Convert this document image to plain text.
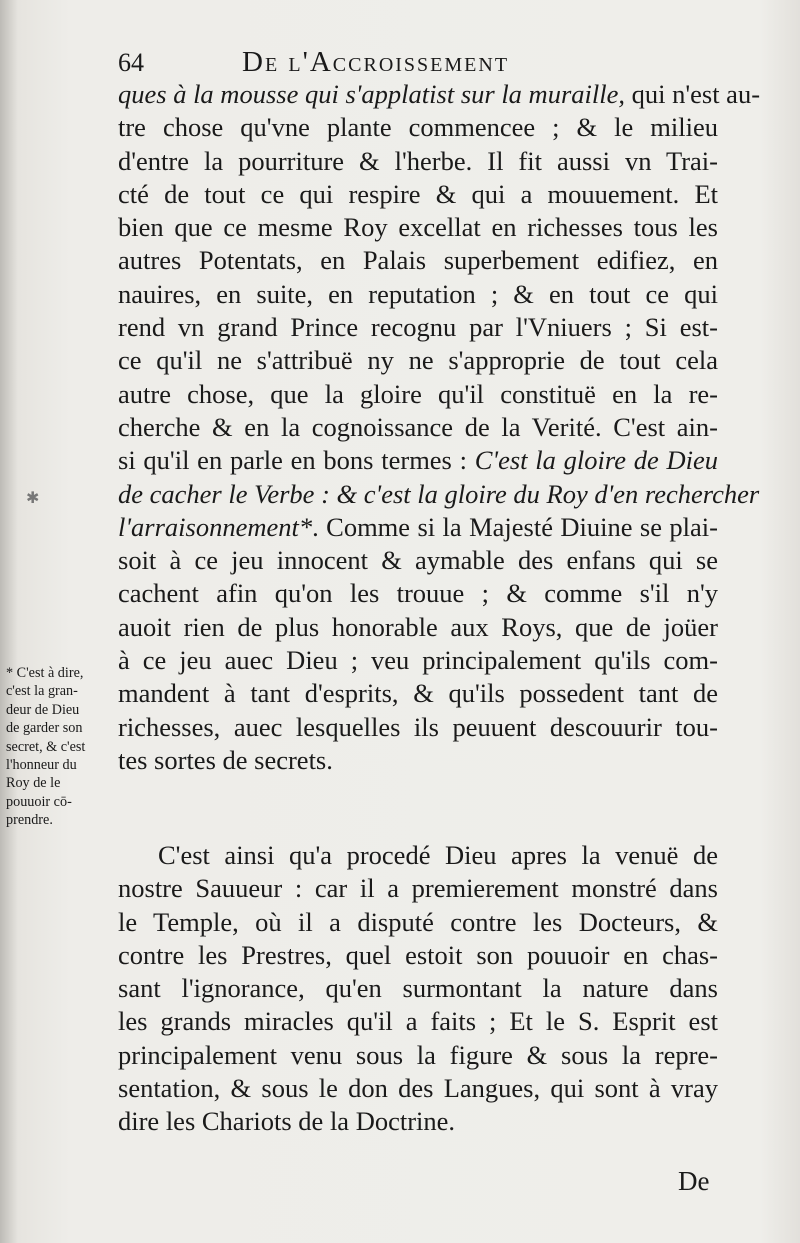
64	De l'Accroissement
ques à la mousse qui s'applatist sur la muraille, qui n'est au-
tre chose qu'vne plante commencee ; & le milieu
d'entre la pourriture & l'herbe. Il fit aussi vn Trai-
cté de tout ce qui respire & qui a mouuement. Et
bien que ce mesme Roy excellat en richesses tous les
autres Potentats, en Palais superbement edifiez, en
nauires, en suite, en reputation ; & en tout ce qui
rend vn grand Prince recognu par l'Vniuers ; Si est-
ce qu'il ne s'attribuë ny ne s'approprie de tout cela
autre chose, que la gloire qu'il constituë en la re-
cherche & en la cognoissance de la Verité. C'est ain-
si qu'il en parle en bons termes : C'est la gloire de Dieu
de cacher le Verbe : & c'est la gloire du Roy d'en rechercher
l'arraisonnement*. Comme si la Majesté Diuine se plai-
soit à ce jeu innocent & aymable des enfans qui se
cachent afin qu'on les trouue ; & comme s'il n'y
auoit rien de plus honorable aux Roys, que de joüer
à ce jeu auec Dieu ; veu principalement qu'ils com-
mandent à tant d'esprits, & qu'ils possedent tant de
richesses, auec lesquelles ils peuuent descouurir tou-
tes sortes de secrets.
C'est ainsi qu'a procedé Dieu apres la venuë de
nostre Sauueur : car il a premierement monstré dans
le Temple, où il a disputé contre les Docteurs, &
contre les Prestres, quel estoit son pouuoir en chas-
sant l'ignorance, qu'en surmontant la nature dans
les grands miracles qu'il a faits ; Et le S. Esprit est
principalement venu sous la figure & sous la repre-
sentation, & sous le don des Langues, qui sont à vray
dire les Chariots de la Doctrine.
* C'est à dire,
c'est la gran-
deur de Dieu
de garder son
secret, & c'est
l'honneur du
Roy de le
pouuoir cō-
prendre.
✱
De
